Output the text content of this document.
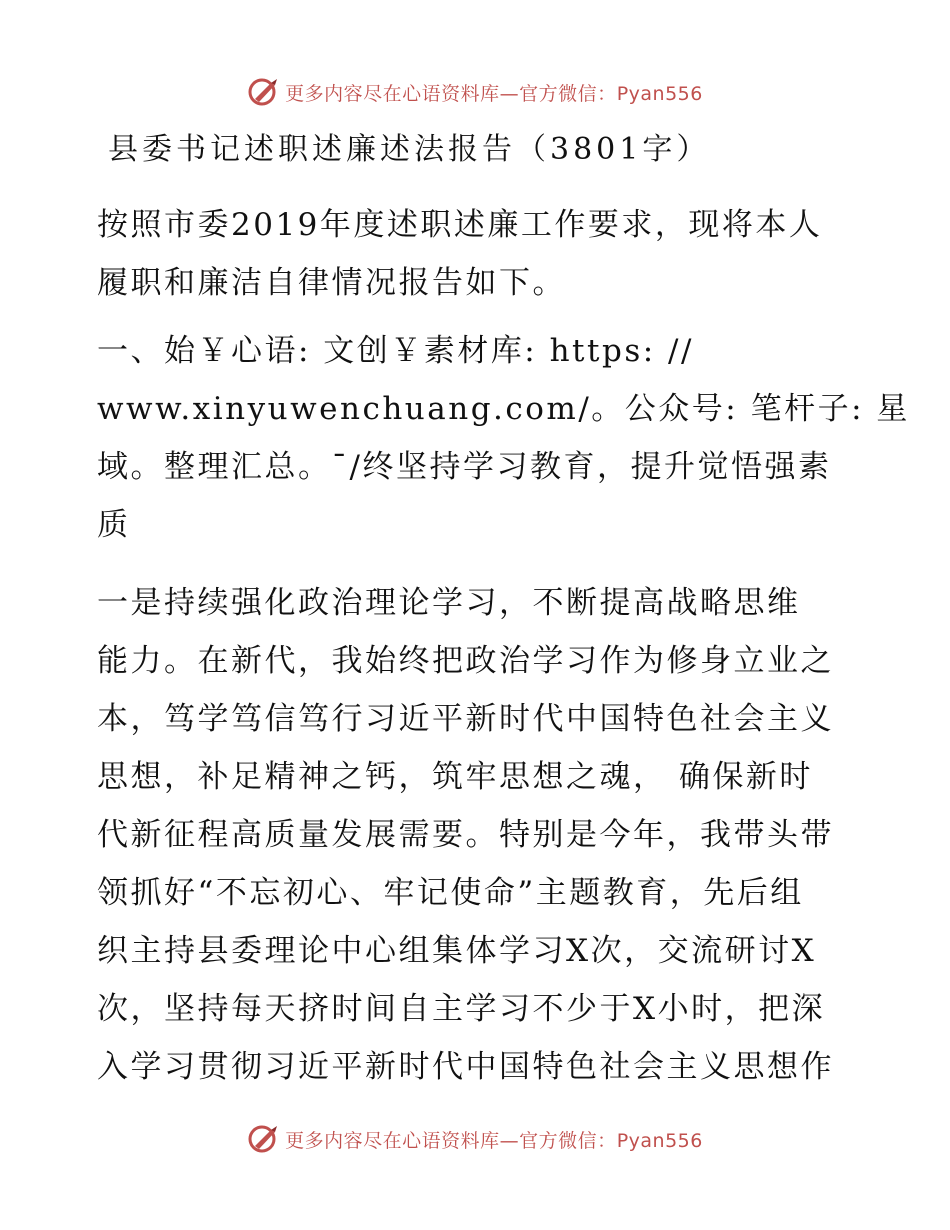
更多内容尽在心语资料库—官方微信：Pyan556
县委书记述职述廉述法报告（3801字）
按照市委2019年度述职述廉工作要求，现将本人
履职和廉洁自律情况报告如下。
一、始￥心语: 文创￥素材库: https: //
www.xinyuwenchuang.com/。公众号: 笔杆子: 星
域。整理汇总。¯/终坚持学习教育，提升觉悟强素
质
一是持续强化政治理论学习，不断提高战略思维
能力。在新代，我始终把政治学习作为修身立业之
本，笃学笃信笃行习近平新时代中国特色社会主义
思想，补足精神之钙，筑牢思想之魂， 确保新时
代新征程高质量发展需要。特别是今年，我带头带
领抓好“不忘初心、牢记使命”主题教育，先后组
织主持县委理论中心组集体学习X次，交流研讨X
次，坚持每天挤时间自主学习不少于X小时，把深
入学习贯彻习近平新时代中国特色社会主义思想作
更多内容尽在心语资料库—官方微信：Pyan556
